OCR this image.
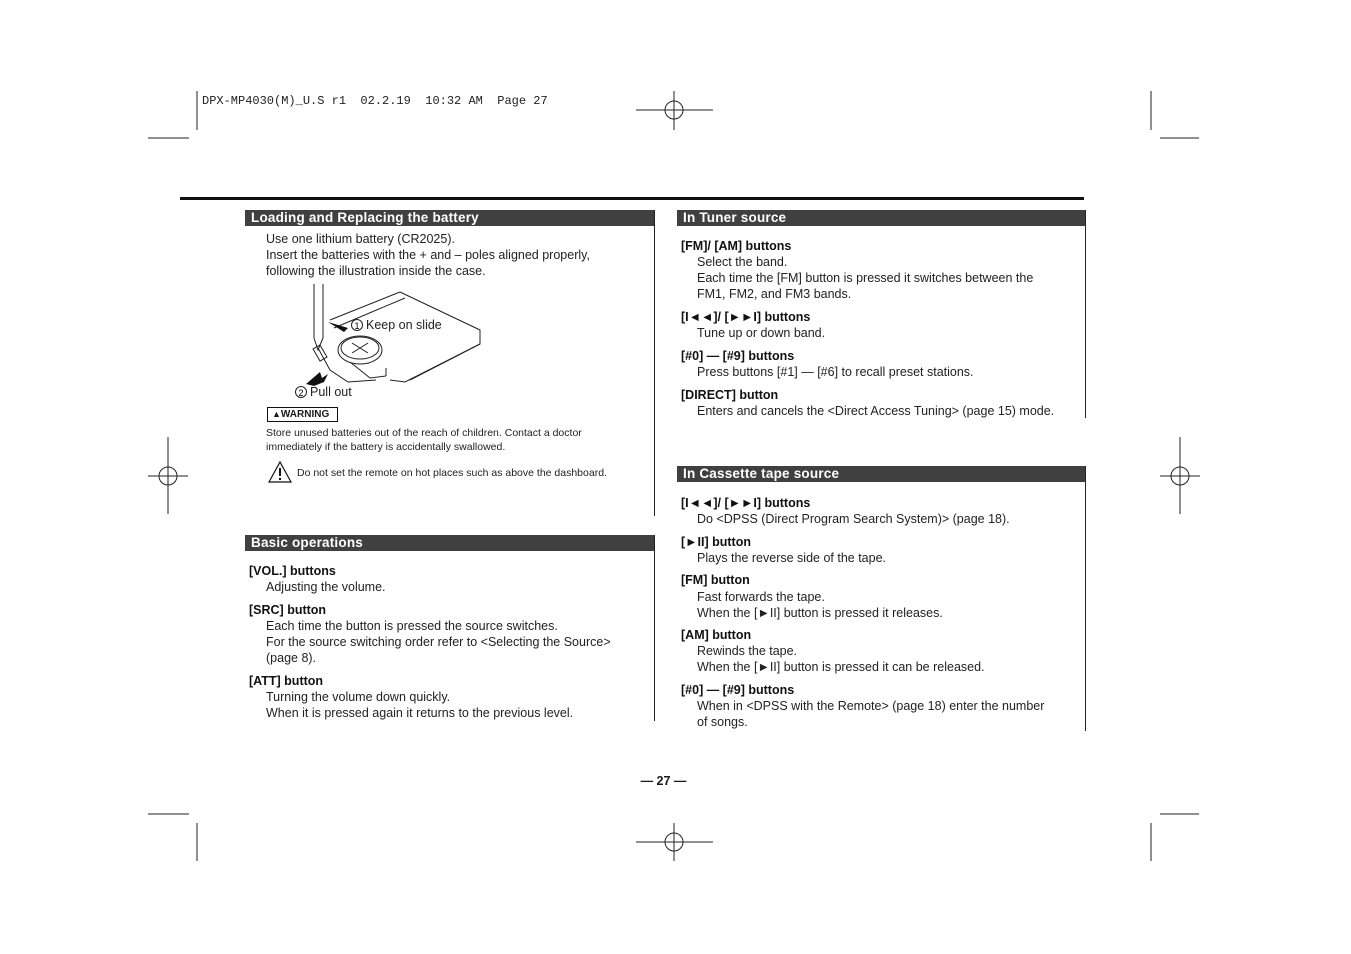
DPX-MP4030(M)_U.S r1  02.2.19  10:32 AM  Page 27
Loading and Replacing the battery
Use one lithium battery (CR2025).
Insert the batteries with the + and – poles aligned properly,
following the illustration inside the case.
1
2
Keep on slide
Pull out
▲WARNING
Store unused batteries out of the reach of children. Contact a doctor
immediately if the battery is accidentally swallowed.
Do not set the remote on hot places such as above the dashboard.
Basic operations
[VOL.] buttons
Adjusting the volume.
[SRC] button
Each time the button is pressed the source switches.
For the source switching order refer to <Selecting the Source>
(page 8).
[ATT] button
Turning the volume down quickly.
When it is pressed again it returns to the previous level.
In Tuner source
[FM]/ [AM] buttons
Select the band.
Each time the [FM] button is pressed it switches between the
FM1, FM2, and FM3 bands.
[I◄◄]/ [►►I] buttons
Tune up or down band.
[#0] — [#9] buttons
Press buttons [#1] — [#6] to recall preset stations.
[DIRECT] button
Enters and cancels the <Direct Access Tuning> (page 15) mode.
In Cassette tape source
[I◄◄]/ [►►I] buttons
Do <DPSS (Direct Program Search System)> (page 18).
[►II] button
Plays the reverse side of the tape.
[FM] button
Fast forwards the tape.
When the [►II] button is pressed it releases.
[AM] button
Rewinds the tape.
When the [►II] button is pressed it can be released.
[#0] — [#9] buttons
When in <DPSS with the Remote> (page 18) enter the number
of songs.
— 27 —
